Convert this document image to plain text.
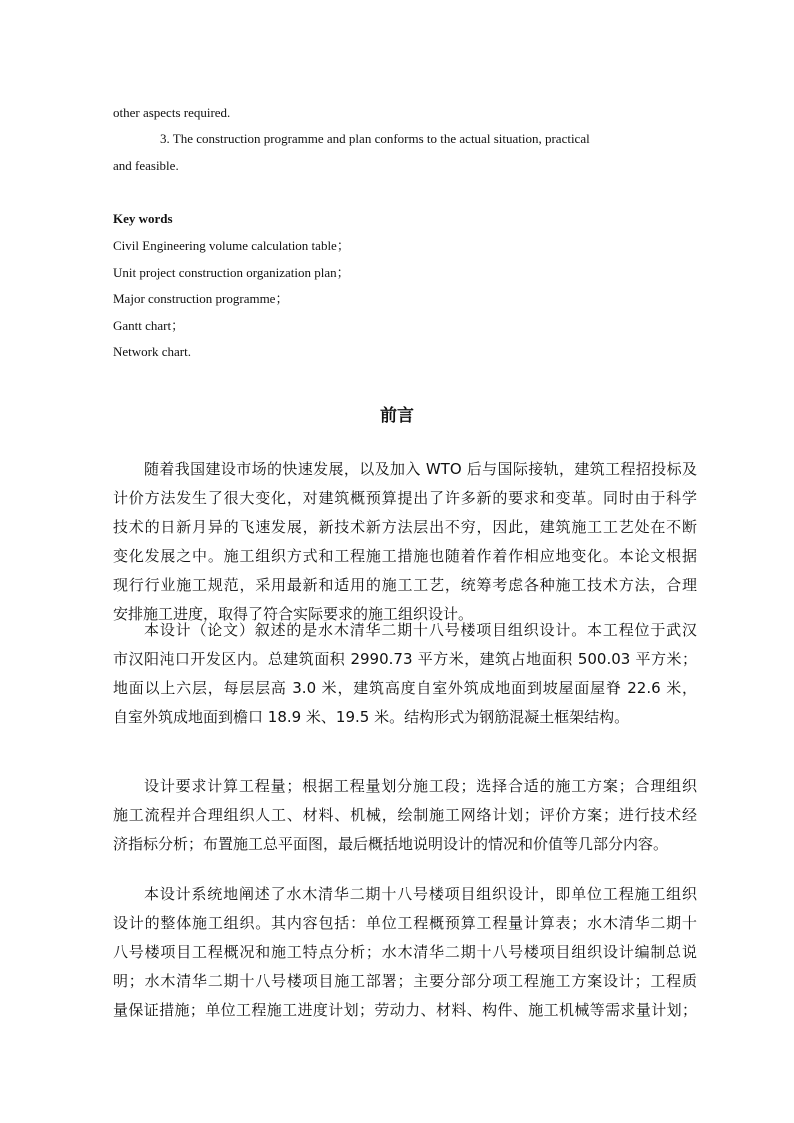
other aspects required.
3. The construction programme and plan conforms to the actual situation, practical
and feasible.
Key words
Civil Engineering volume calculation table；
Unit project construction organization plan；
Major construction programme；
Gantt chart；
Network chart.
前言
随着我国建设市场的快速发展，以及加入 WTO 后与国际接轨，建筑工程招投标及
计价方法发生了很大变化，对建筑概预算提出了许多新的要求和变革。同时由于科学
技术的日新月异的飞速发展，新技术新方法层出不穷，因此，建筑施工工艺处在不断
变化发展之中。施工组织方式和工程施工措施也随着作着作相应地变化。本论文根据
现行行业施工规范，采用最新和适用的施工工艺，统筹考虑各种施工技术方法，合理
安排施工进度，取得了符合实际要求的施工组织设计。
本设计（论文）叙述的是水木清华二期十八号楼项目组织设计。本工程位于武汉
市汉阳沌口开发区内。总建筑面积 2990.73 平方米，建筑占地面积 500.03 平方米；
地面以上六层，每层层高 3.0 米，建筑高度自室外筑成地面到坡屋面屋脊 22.6 米，
自室外筑成地面到檐口 18.9 米、19.5 米。结构形式为钢筋混凝土框架结构。
设计要求计算工程量；根据工程量划分施工段；选择合适的施工方案；合理组织
施工流程并合理组织人工、材料、机械，绘制施工网络计划；评价方案；进行技术经
济指标分析；布置施工总平面图，最后概括地说明设计的情况和价值等几部分内容。
本设计系统地阐述了水木清华二期十八号楼项目组织设计，即单位工程施工组织
设计的整体施工组织。其内容包括：单位工程概预算工程量计算表；水木清华二期十
八号楼项目工程概况和施工特点分析；水木清华二期十八号楼项目组织设计编制总说
明；水木清华二期十八号楼项目施工部署；主要分部分项工程施工方案设计；工程质
量保证措施；单位工程施工进度计划；劳动力、材料、构件、施工机械等需求量计划；
